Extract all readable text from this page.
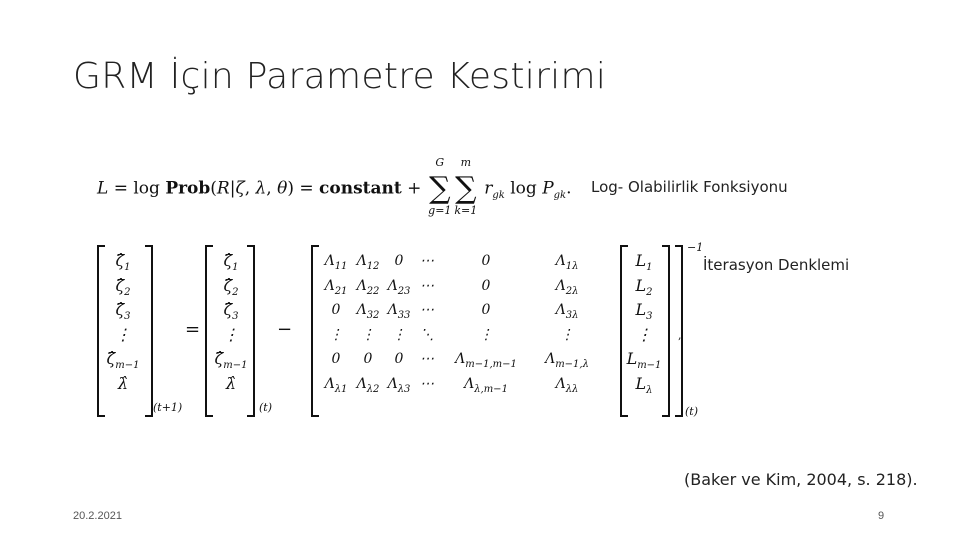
GRM İçin Parametre Kestirimi
L = log Prob(R|ζ, λ, θ) = constant +
G
∑
g=1
m
∑
k=1
$r_{gk}$ $\log P_{gk}$. Log- Olabilirlik Fonksiyonu
$\zetâ_1$
$\zetâ_2$
$\zetâ_3$
⋮
$\zetâ_{m-1}$
λ̂
(t+1)
=
$\zetâ_1$
$\zetâ_2$
$\zetâ_3$
⋮
$\zetâ_{m-1}$
λ̂
(t)
−
$\Lambda_{11}$ $\Lambda_{12}$	0	⋯	0	$\Lambda_{1\lambda}$
$\Lambda_{21}$ $\Lambda_{22}$ $\Lambda_{23}$ ⋯	0	$\Lambda_{2\lambda}$
0	$\Lambda_{32}$ $\Lambda_{33}$ ⋯	0	$\Lambda_{3\lambda}$
⋮	⋮	⋮	⋱	⋮	⋮
0	0	0	⋯	$\Lambda_{m-1,m-1}$	$\Lambda_{m-1,\lambda}$
$\Lambda_{\lambda 1}$ $\Lambda_{\lambda 2}$ $\Lambda_{\lambda 3}$ ⋯	$\Lambda_{\lambda,m-1}$	$\Lambda_{\lambda\lambda}$
−1
(t)
$L_1$
$L_2$
$L_3$
⋮
$L_{m-1}$
$L_\lambda$
,
İterasyon Denklemi
(Baker ve Kim, 2004, s. 218).
20.2.2021	9
